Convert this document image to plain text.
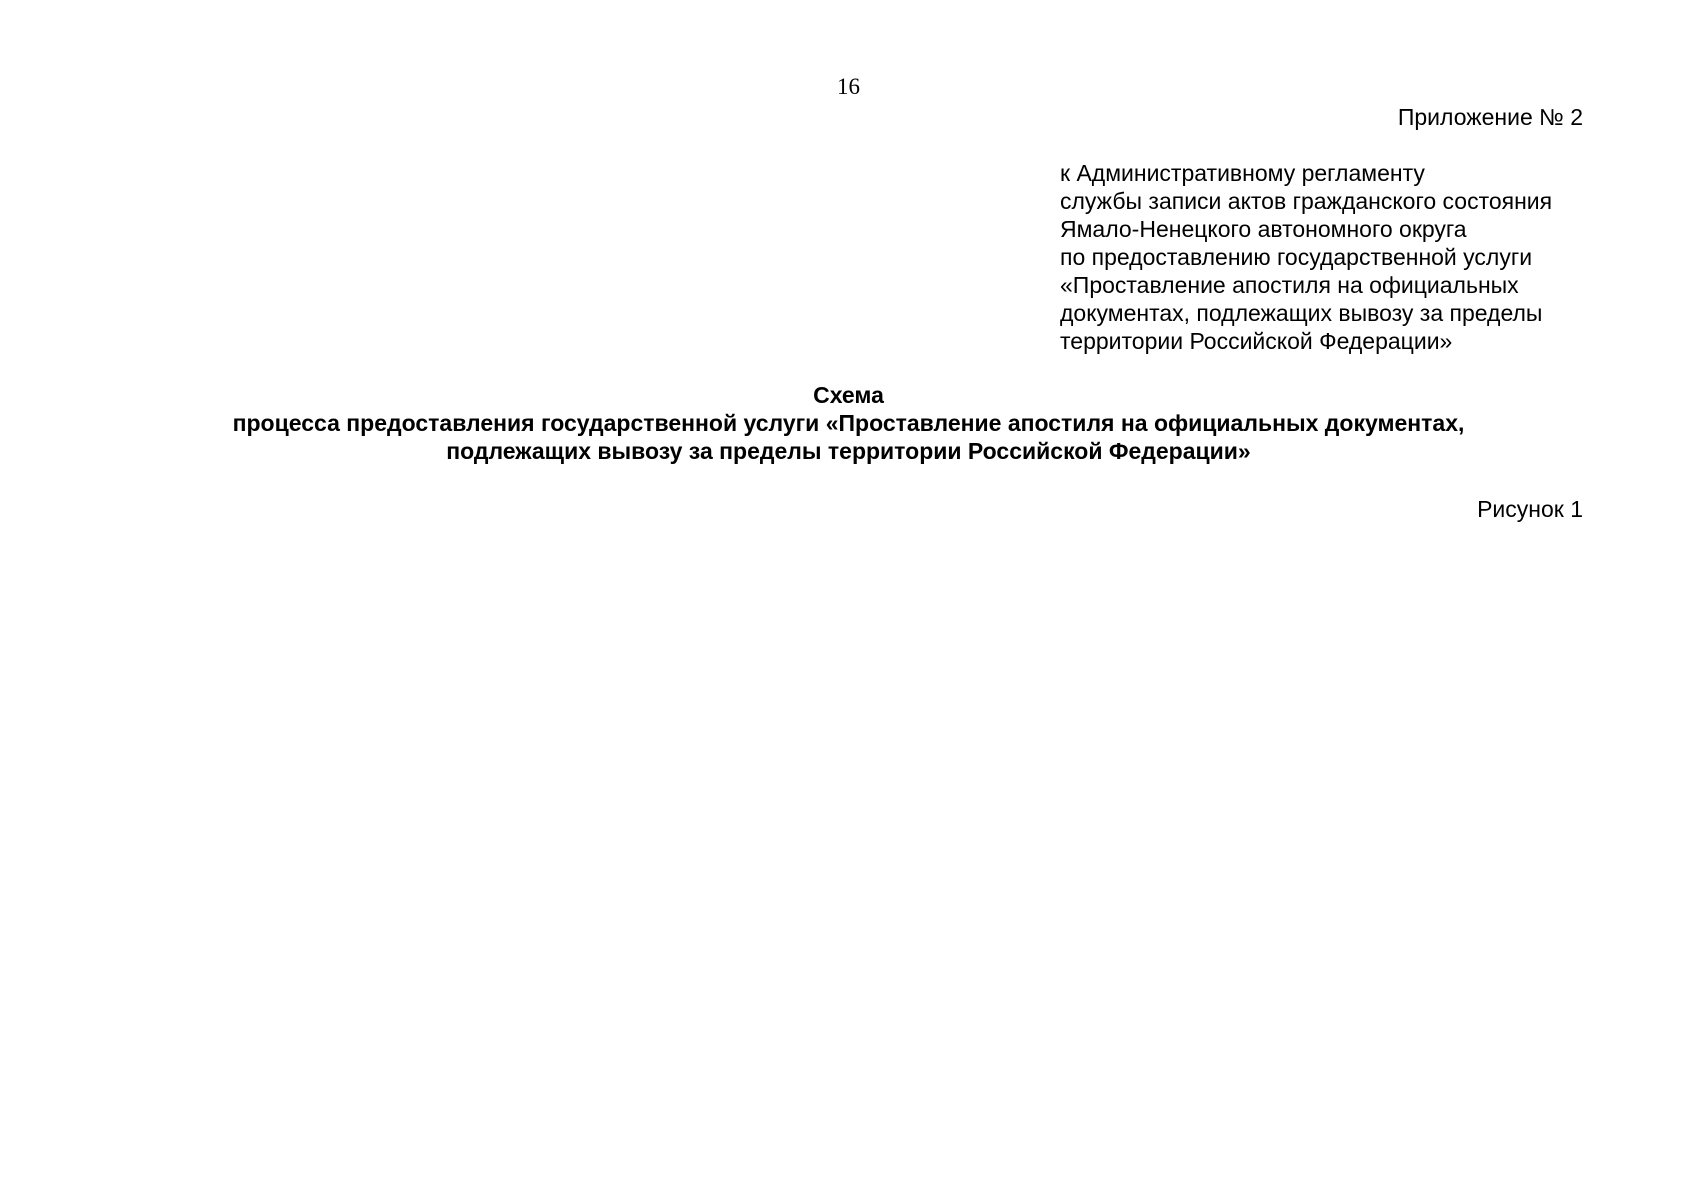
16
Приложение № 2
к Административному регламенту
службы записи актов гражданского состояния
Ямало-Ненецкого автономного округа
по предоставлению государственной услуги
«Проставление апостиля на официальных
документах, подлежащих вывозу за пределы
территории Российской Федерации»
Схема
процесса предоставления государственной услуги «Проставление апостиля на официальных документах,
подлежащих вывозу за пределы территории Российской Федерации»
Рисунок 1
